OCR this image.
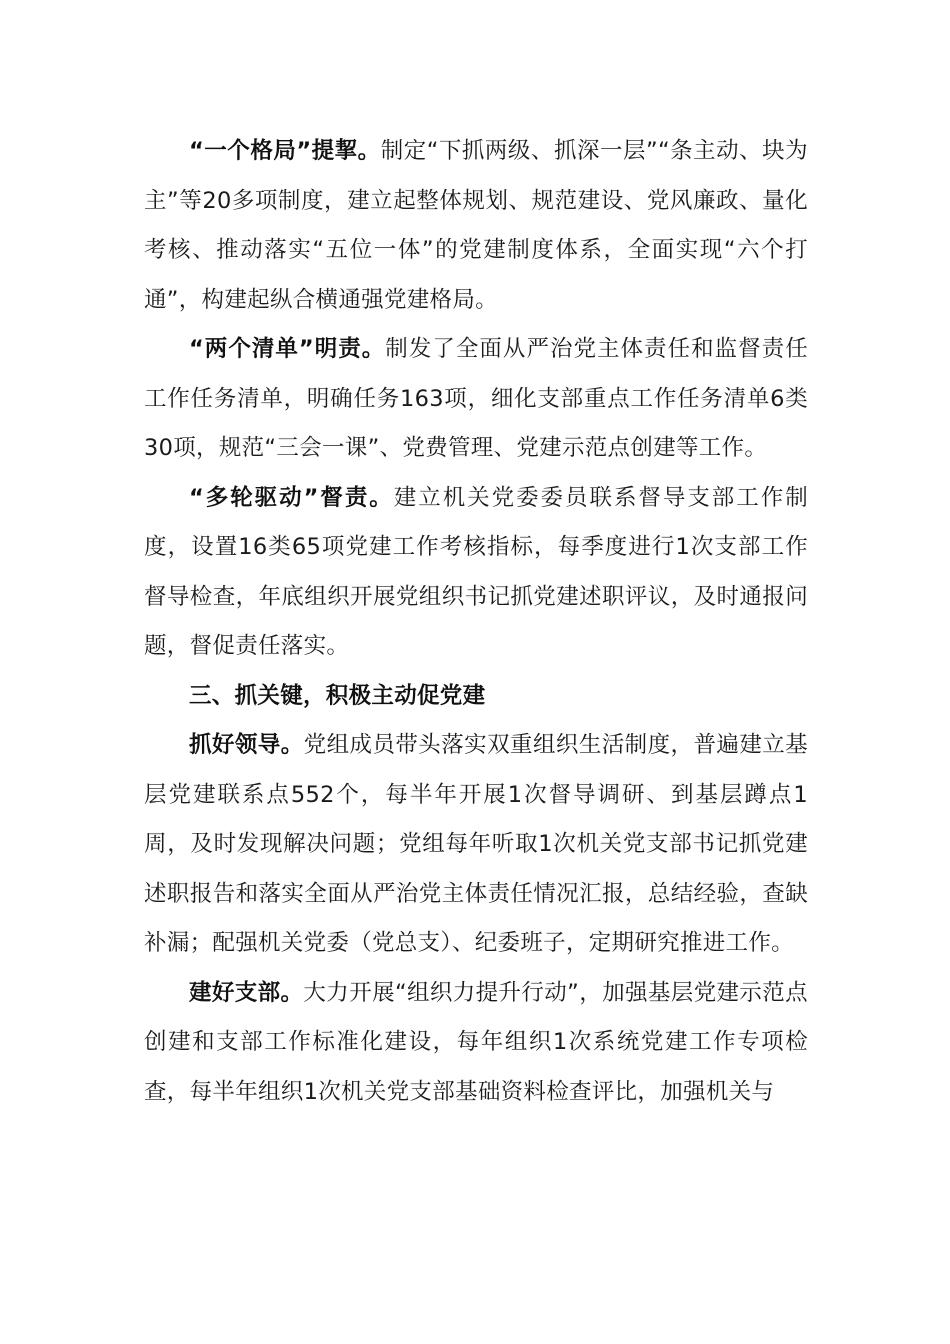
“一个格局”提挈。制定“下抓两级、抓深一层”“条主动、块为主”等20多项制度，建立起整体规划、规范建设、党风廉政、量化考核、推动落实“五位一体”的党建制度体系，全面实现“六个打通”，构建起纵合横通强党建格局。

“两个清单”明责。制发了全面从严治党主体责任和监督责任工作任务清单，明确任务163项，细化支部重点工作任务清单6类30项，规范“三会一课”、党费管理、党建示范点创建等工作。

“多轮驱动”督责。建立机关党委委员联系督导支部工作制度，设置16类65项党建工作考核指标，每季度进行1次支部工作督导检查，年底组织开展党组织书记抓党建述职评议，及时通报问题，督促责任落实。

三、抓关键，积极主动促党建

抓好领导。党组成员带头落实双重组织生活制度，普遍建立基层党建联系点552个，每半年开展1次督导调研、到基层蹲点1周，及时发现解决问题；党组每年听取1次机关党支部书记抓党建述职报告和落实全面从严治党主体责任情况汇报，总结经验，查缺补漏；配强机关党委（党总支）、纪委班子，定期研究推进工作。

建好支部。大力开展“组织力提升行动”，加强基层党建示范点创建和支部工作标准化建设，每年组织1次系统党建工作专项检查，每半年组织1次机关党支部基础资料检查评比，加强机关与
